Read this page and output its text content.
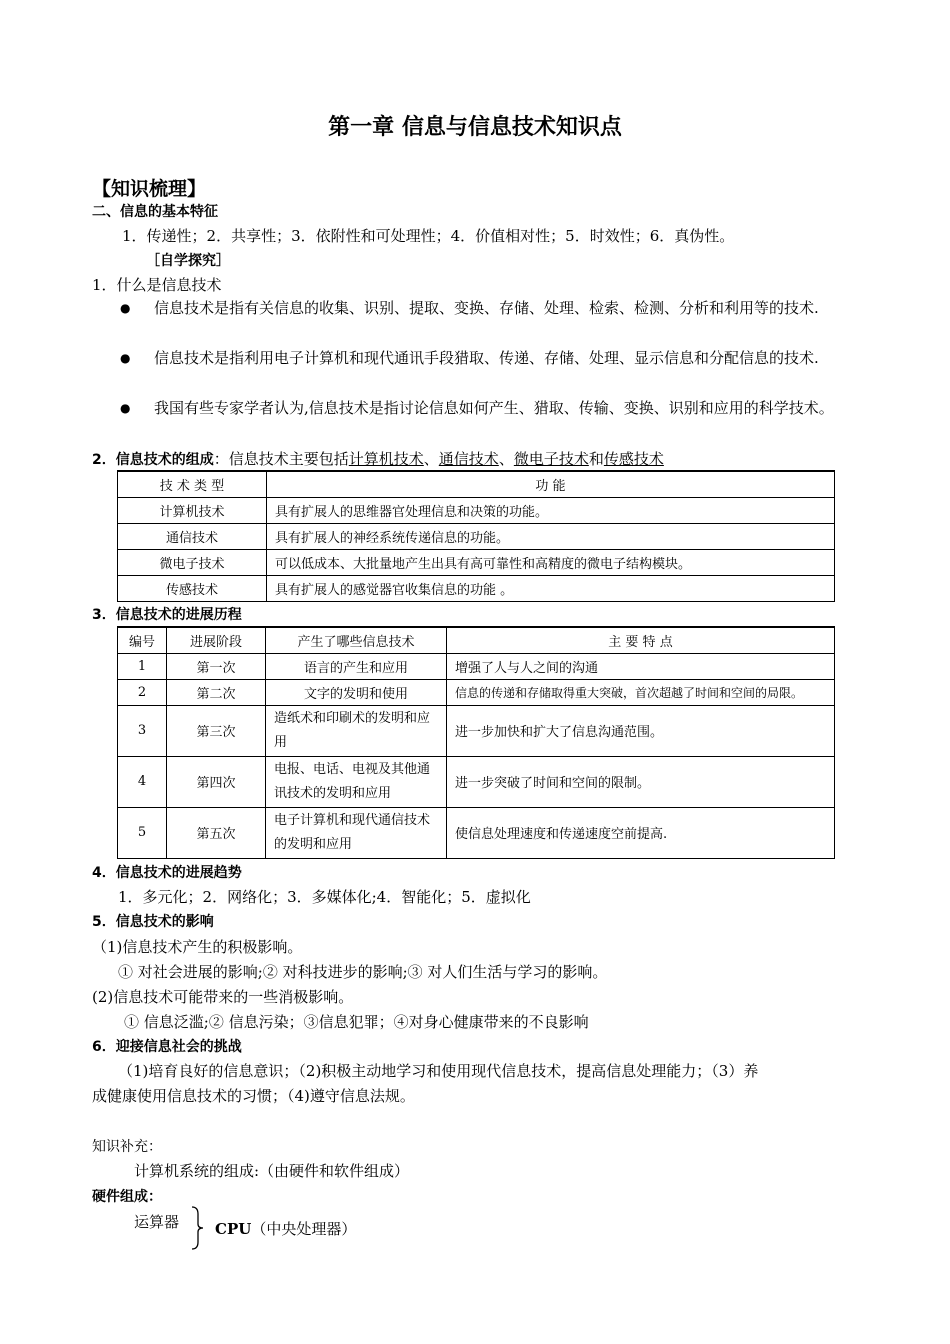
第一章 信息与信息技术知识点
【知识梳理】
二、信息的基本特征
1．传递性；2．共享性；3．依附性和可处理性；4．价值相对性；5．时效性；6．真伪性。
［自学探究］
1．什么是信息技术
● 信息技术是指有关信息的收集、识别、提取、变换、存储、处理、检索、检测、分析和利用等的技术.
● 信息技术是指利用电子计算机和现代通讯手段猎取、传递、存储、处理、显示信息和分配信息的技术.
● 我国有些专家学者认为,信息技术是指讨论信息如何产生、猎取、传输、变换、识别和应用的科学技术。
2．信息技术的组成：信息技术主要包括计算机技术、通信技术、微电子技术和传感技术
技 术 类 型	功 能
计算机技术	具有扩展人的思维器官处理信息和决策的功能。
通信技术	具有扩展人的神经系统传递信息的功能。
微电子技术	可以低成本、大批量地产生出具有高可靠性和高精度的微电子结构模块。
传感技术	具有扩展人的感觉器官收集信息的功能 。
3．信息技术的进展历程
编号	进展阶段	产生了哪些信息技术	主 要 特 点
1	第一次	语言的产生和应用	增强了人与人之间的沟通
2	第二次	文字的发明和使用	信息的传递和存储取得重大突破，首次超越了时间和空间的局限。
3	第三次	造纸术和印刷术的发明和应用	进一步加快和扩大了信息沟通范围。
4	第四次	电报、电话、电视及其他通讯技术的发明和应用	进一步突破了时间和空间的限制。
5	第五次	电子计算机和现代通信技术的发明和应用	使信息处理速度和传递速度空前提高.
4．信息技术的进展趋势
1．多元化；2．网络化；3．多媒体化;4．智能化；5．虚拟化
5．信息技术的影响
（1)信息技术产生的积极影响。
① 对社会进展的影响;② 对科技进步的影响;③ 对人们生活与学习的影响。
(2)信息技术可能带来的一些消极影响。
① 信息泛滥;② 信息污染；③信息犯罪；④对身心健康带来的不良影响
6．迎接信息社会的挑战
（1)培育良好的信息意识；（2)积极主动地学习和使用现代信息技术，提高信息处理能力；（3）养
成健康使用信息技术的习惯；（4)遵守信息法规。
知识补充：
计算机系统的组成:（由硬件和软件组成）
硬件组成：
运算器 CPU（中央处理器）
